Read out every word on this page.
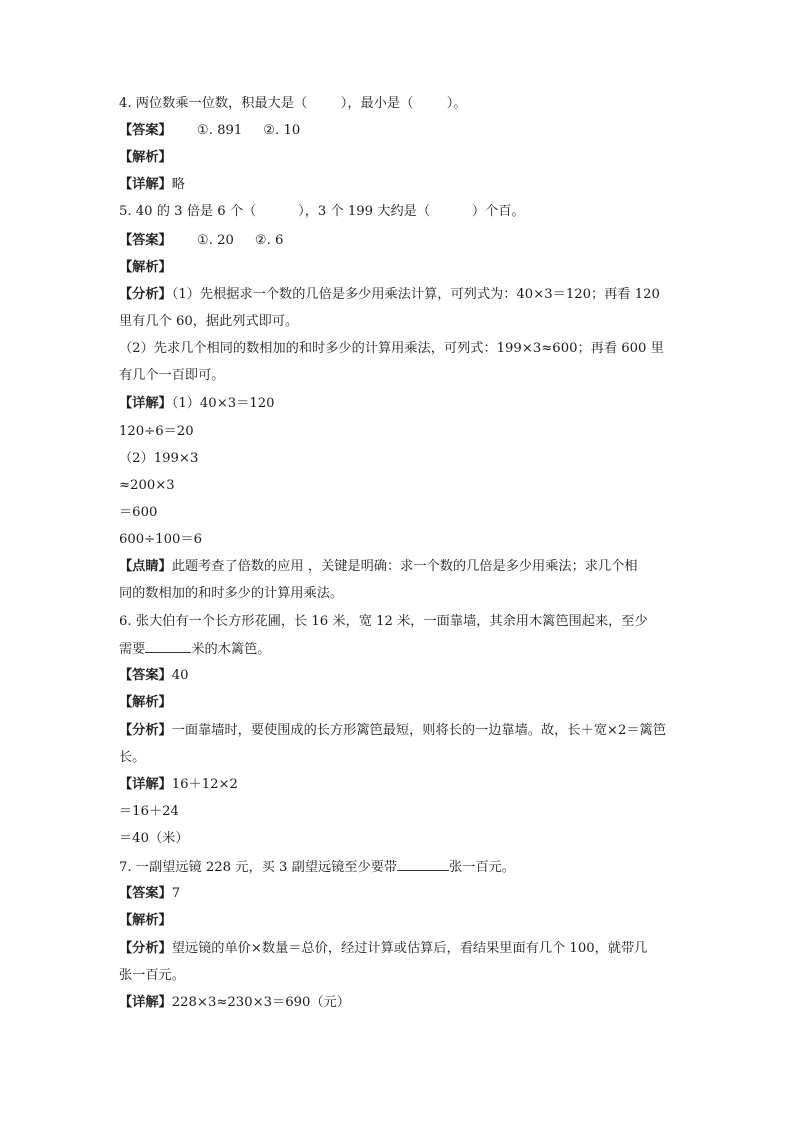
4. 两位数乘一位数，积最大是（        ），最小是（        ）。
【答案】      ①. 891     ②. 10
【解析】
【详解】略
5. 40 的 3 倍是 6 个（          ），3 个 199 大约是（          ）个百。
【答案】      ①. 20     ②. 6
【解析】
【分析】（1）先根据求一个数的几倍是多少用乘法计算，可列式为：40×3＝120；再看 120
里有几个 60，据此列式即可。
（2）先求几个相同的数相加的和时多少的计算用乘法，可列式：199×3≈600；再看 600 里
有几个一百即可。
【详解】（1）40×3＝120
120÷6＝20
（2）199×3
≈200×3
＝600
600÷100＝6
【点睛】此题考查了倍数的应用 ，关键是明确：求一个数的几倍是多少用乘法；求几个相
同的数相加的和时多少的计算用乘法。
6. 张大伯有一个长方形花圃，长 16 米，宽 12 米，一面靠墙，其余用木篱笆围起来，至少
需要	米的木篱笆。
【答案】40
【解析】
【分析】一面靠墙时，要使围成的长方形篱笆最短，则将长的一边靠墙。故，长＋宽×2＝篱笆
长。
【详解】16＋12×2
＝16＋24
＝40（米）
7. 一副望远镜 228 元，买 3 副望远镜至少要带	张一百元。
【答案】7
【解析】
【分析】望远镜的单价×数量＝总价，经过计算或估算后，看结果里面有几个 100，就带几
张一百元。
【详解】228×3≈230×3＝690（元）
